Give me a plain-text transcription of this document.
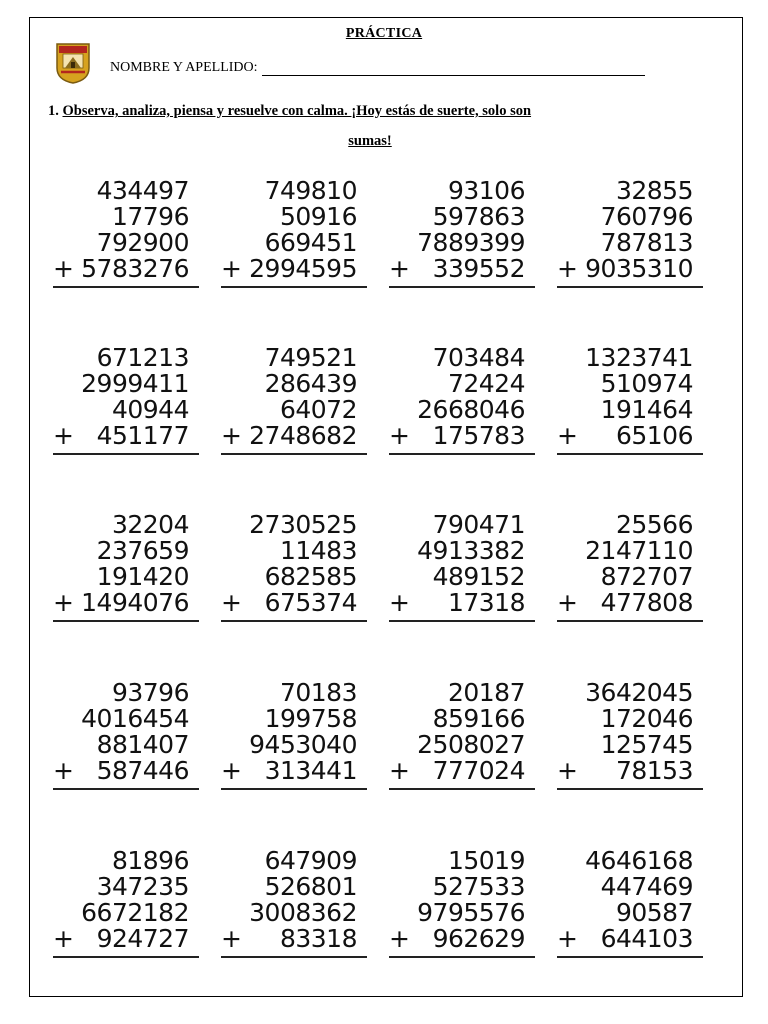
PRÁCTICA
NOMBRE Y APELLIDO:
1. Observa, analiza, piensa y resuelve con calma. ¡Hoy estás de suerte, solo son
sumas!
434497
17796
792900
+ 5783276
749810
50916
669451
+ 2994595
93106
597863
7889399
+ 339552
32855
760796
787813
+ 9035310
671213
2999411
40944
+ 451177
749521
286439
64072
+ 2748682
703484
72424
2668046
+ 175783
1323741
510974
191464
+ 65106
32204
237659
191420
+ 1494076
2730525
11483
682585
+ 675374
790471
4913382
489152
+ 17318
25566
2147110
872707
+ 477808
93796
4016454
881407
+ 587446
70183
199758
9453040
+ 313441
20187
859166
2508027
+ 777024
3642045
172046
125745
+ 78153
81896
347235
6672182
+ 924727
647909
526801
3008362
+ 83318
15019
527533
9795576
+ 962629
4646168
447469
90587
+ 644103
